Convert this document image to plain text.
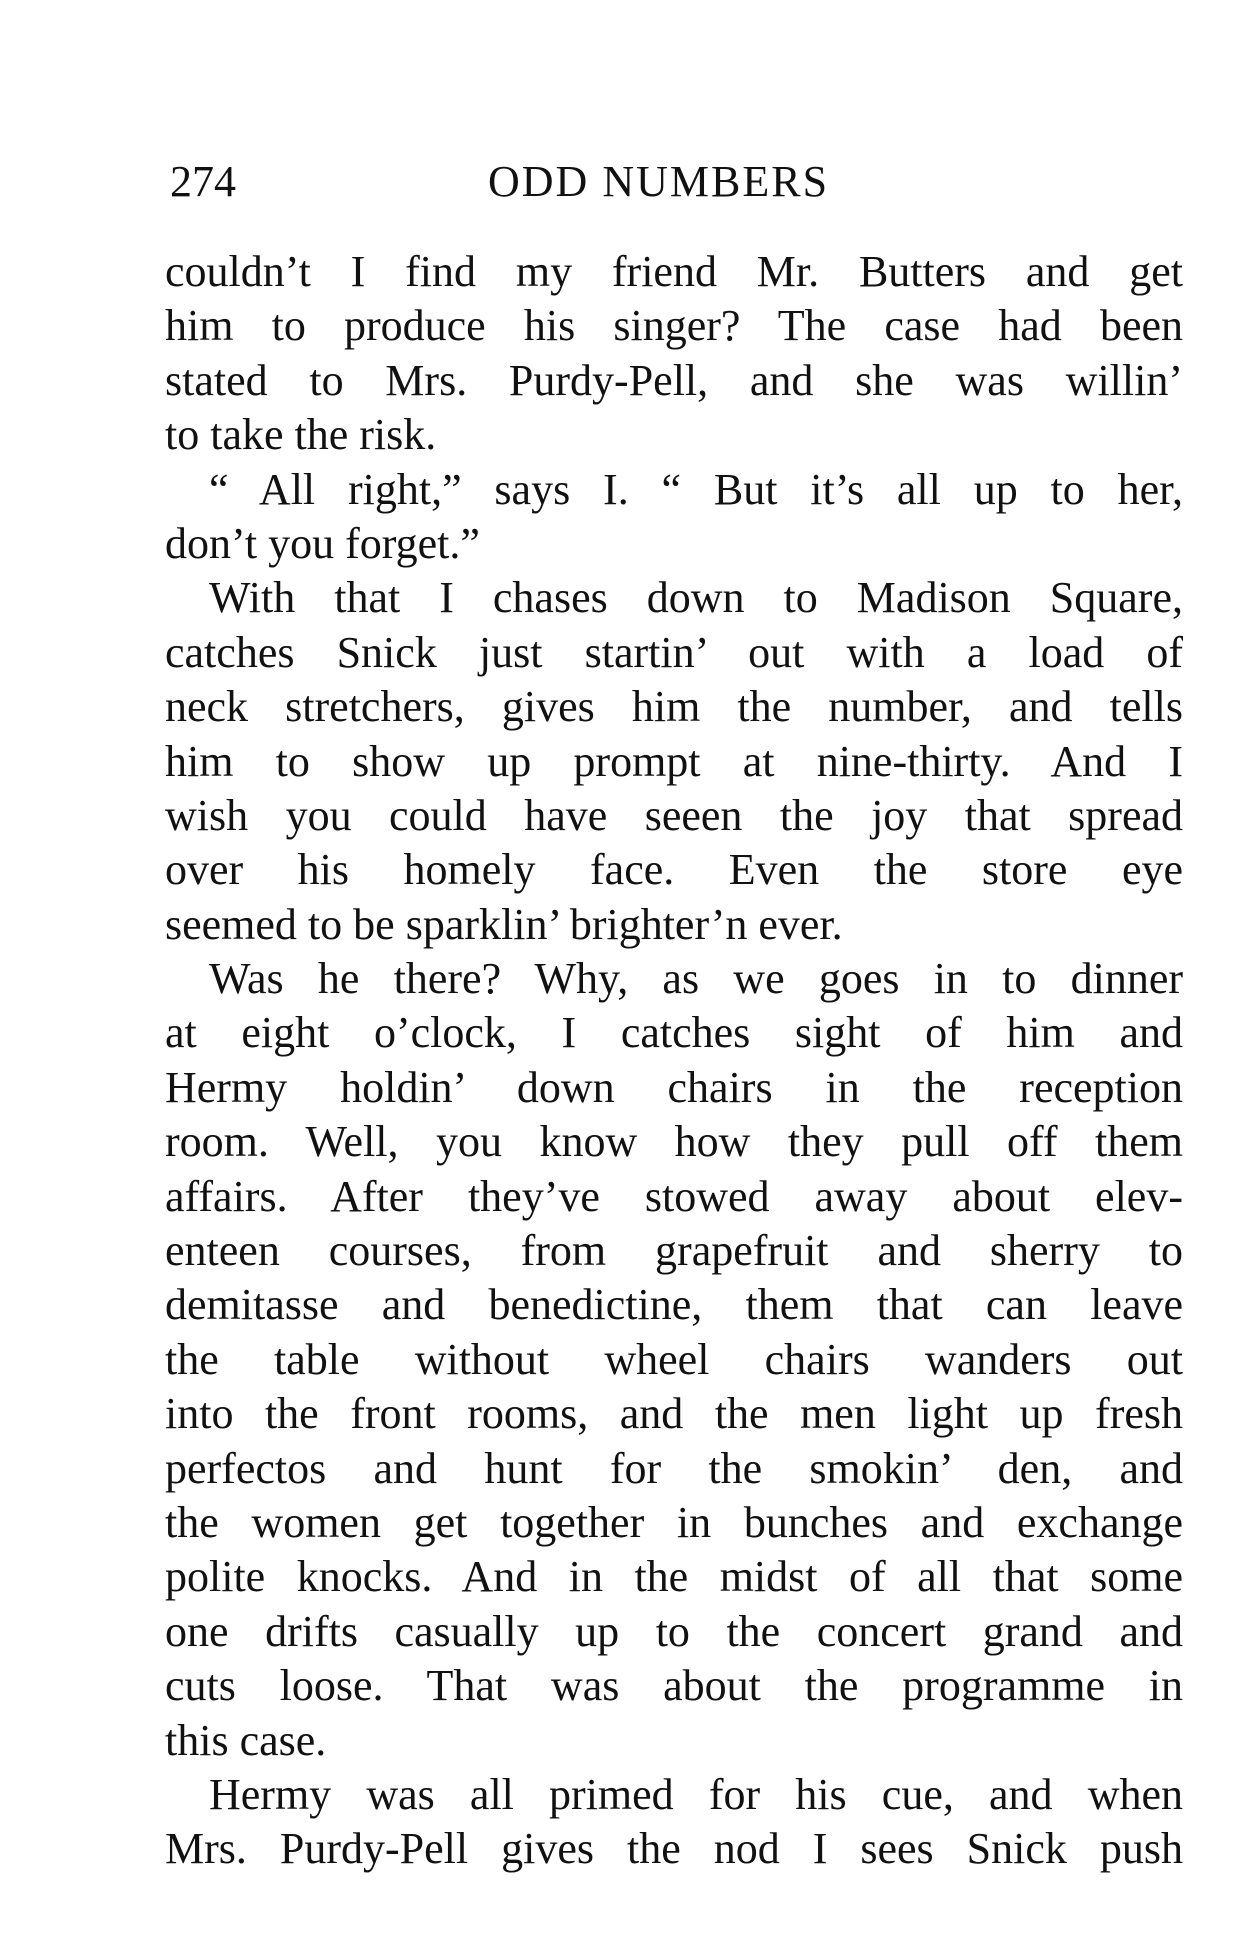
274	ODD NUMBERS
couldn’t I find my friend Mr. Butters and get
him to produce his singer? The case had been
stated to Mrs. Purdy-Pell, and she was willin’
to take the risk.
“ All right,” says I. “ But it’s all up to her,
don’t you forget.”
With that I chases down to Madison Square,
catches Snick just startin’ out with a load of
neck stretchers, gives him the number, and tells
him to show up prompt at nine-thirty. And I
wish you could have seeen the joy that spread
over his homely face. Even the store eye
seemed to be sparklin’ brighter’n ever.
Was he there? Why, as we goes in to dinner
at eight o’clock, I catches sight of him and
Hermy holdin’ down chairs in the reception
room. Well, you know how they pull off them
affairs. After they’ve stowed away about elev-
enteen courses, from grapefruit and sherry to
demitasse and benedictine, them that can leave
the table without wheel chairs wanders out
into the front rooms, and the men light up fresh
perfectos and hunt for the smokin’ den, and
the women get together in bunches and exchange
polite knocks. And in the midst of all that some
one drifts casually up to the concert grand and
cuts loose. That was about the programme in
this case.
Hermy was all primed for his cue, and when
Mrs. Purdy-Pell gives the nod I sees Snick push
